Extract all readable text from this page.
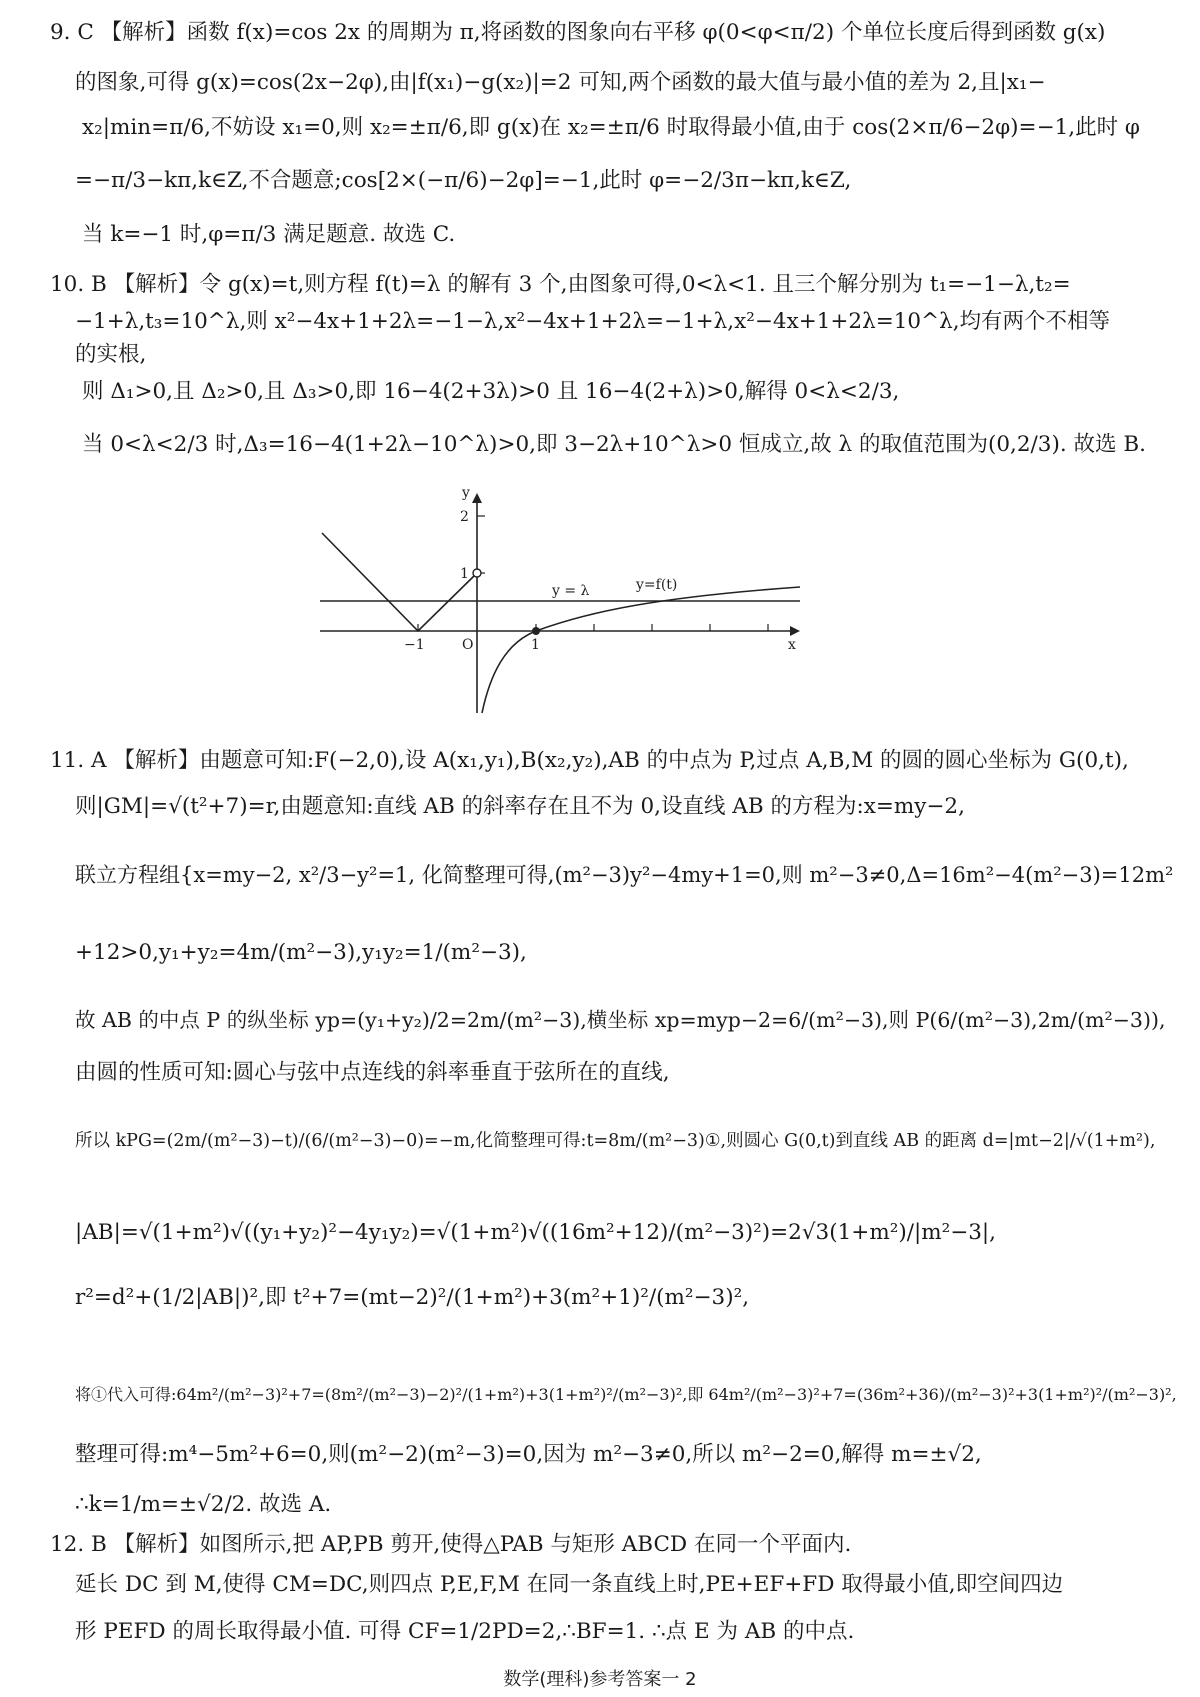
9. C 【解析】函数 f(x)=cos 2x 的周期为 π,将函数的图象向右平移 φ(0<φ<π/2) 个单位长度后得到函数 g(x)
的图象,可得 g(x)=cos(2x−2φ),由|f(x₁)−g(x₂)|=2 可知,两个函数的最大值与最小值的差为 2,且|x₁−
x₂|min=π/6,不妨设 x₁=0,则 x₂=±π/6,即 g(x)在 x₂=±π/6 时取得最小值,由于 cos(2×π/6−2φ)=−1,此时 φ
=−π/3−kπ,k∈Z,不合题意;cos[2×(−π/6)−2φ]=−1,此时 φ=−2/3π−kπ,k∈Z,
当 k=−1 时,φ=π/3 满足题意. 故选 C.
10. B 【解析】令 g(x)=t,则方程 f(t)=λ 的解有 3 个,由图象可得,0<λ<1. 且三个解分别为 t₁=−1−λ,t₂=
−1+λ,t₃=10^λ,则 x²−4x+1+2λ=−1−λ,x²−4x+1+2λ=−1+λ,x²−4x+1+2λ=10^λ,均有两个不相等
的实根,
则 Δ₁>0,且 Δ₂>0,且 Δ₃>0,即 16−4(2+3λ)>0 且 16−4(2+λ)>0,解得 0<λ<2/3,
当 0<λ<2/3 时,Δ₃=16−4(1+2λ−10^λ)>0,即 3−2λ+10^λ>0 恒成立,故 λ 的取值范围为(0,2/3). 故选 B.
y
2
1
O
−1	1	x
y = λ	y=f(t)
11. A 【解析】由题意可知:F(−2,0),设 A(x₁,y₁),B(x₂,y₂),AB 的中点为 P,过点 A,B,M 的圆的圆心坐标为 G(0,t),
则|GM|=√(t²+7)=r,由题意知:直线 AB 的斜率存在且不为 0,设直线 AB 的方程为:x=my−2,
联立方程组{x=my−2, x²/3−y²=1, 化简整理可得,(m²−3)y²−4my+1=0,则 m²−3≠0,Δ=16m²−4(m²−3)=12m²
+12>0,y₁+y₂=4m/(m²−3),y₁y₂=1/(m²−3),
故 AB 的中点 P 的纵坐标 yp=(y₁+y₂)/2=2m/(m²−3),横坐标 xp=myp−2=6/(m²−3),则 P(6/(m²−3),2m/(m²−3)),
由圆的性质可知:圆心与弦中点连线的斜率垂直于弦所在的直线,
所以 kPG=(2m/(m²−3)−t)/(6/(m²−3)−0)=−m,化简整理可得:t=8m/(m²−3)①,则圆心 G(0,t)到直线 AB 的距离 d=|mt−2|/√(1+m²),
|AB|=√(1+m²)√((y₁+y₂)²−4y₁y₂)=√(1+m²)√((16m²+12)/(m²−3)²)=2√3(1+m²)/|m²−3|,
r²=d²+(1/2|AB|)²,即 t²+7=(mt−2)²/(1+m²)+3(m²+1)²/(m²−3)²,
将①代入可得:64m²/(m²−3)²+7=(8m²/(m²−3)−2)²/(1+m²)+3(1+m²)²/(m²−3)²,即 64m²/(m²−3)²+7=(36m²+36)/(m²−3)²+3(1+m²)²/(m²−3)²,
整理可得:m⁴−5m²+6=0,则(m²−2)(m²−3)=0,因为 m²−3≠0,所以 m²−2=0,解得 m=±√2,
∴k=1/m=±√2/2. 故选 A.
12. B 【解析】如图所示,把 AP,PB 剪开,使得△PAB 与矩形 ABCD 在同一个平面内.
延长 DC 到 M,使得 CM=DC,则四点 P,E,F,M 在同一条直线上时,PE+EF+FD 取得最小值,即空间四边
形 PEFD 的周长取得最小值. 可得 CF=1/2PD=2,∴BF=1. ∴点 E 为 AB 的中点.
数学(理科)参考答案一 2
